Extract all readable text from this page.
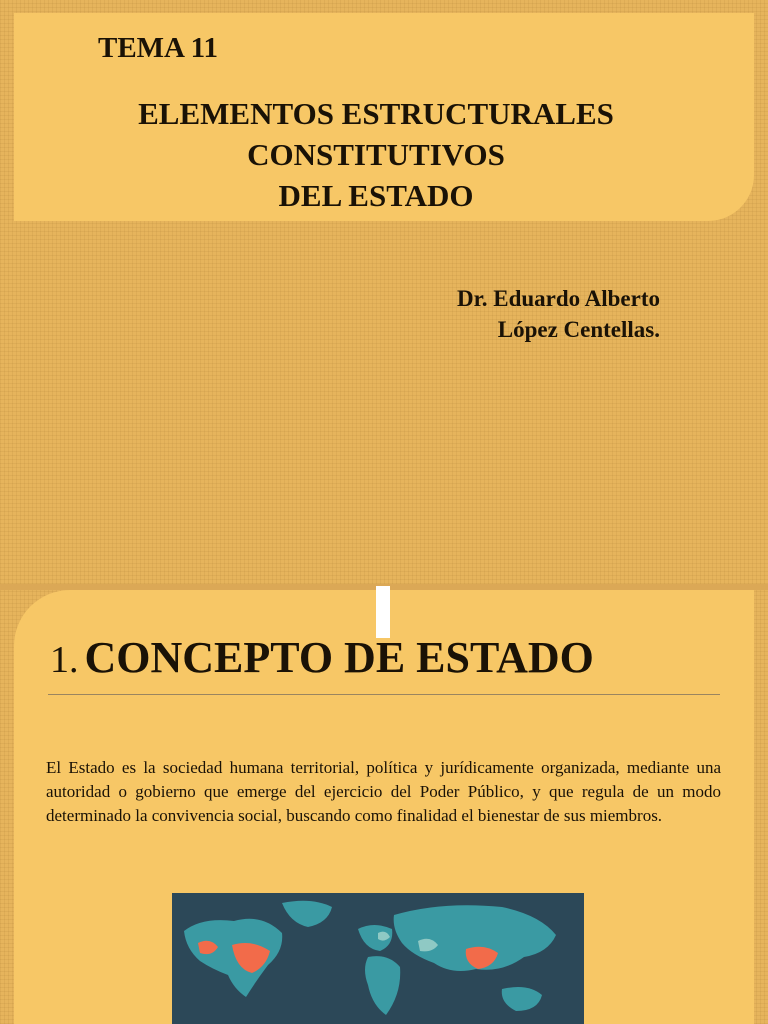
TEMA 11
ELEMENTOS ESTRUCTURALES
CONSTITUTIVOS
DEL ESTADO

Dr. Eduardo Alberto
López Centellas.

1. CONCEPTO DE ESTADO

El Estado es la sociedad humana territorial, política y jurídicamente organizada, mediante una autoridad o gobierno que emerge del ejercicio del Poder Público, y que regula de un modo determinado la convivencia social, buscando como finalidad el bienestar de sus miembros.
